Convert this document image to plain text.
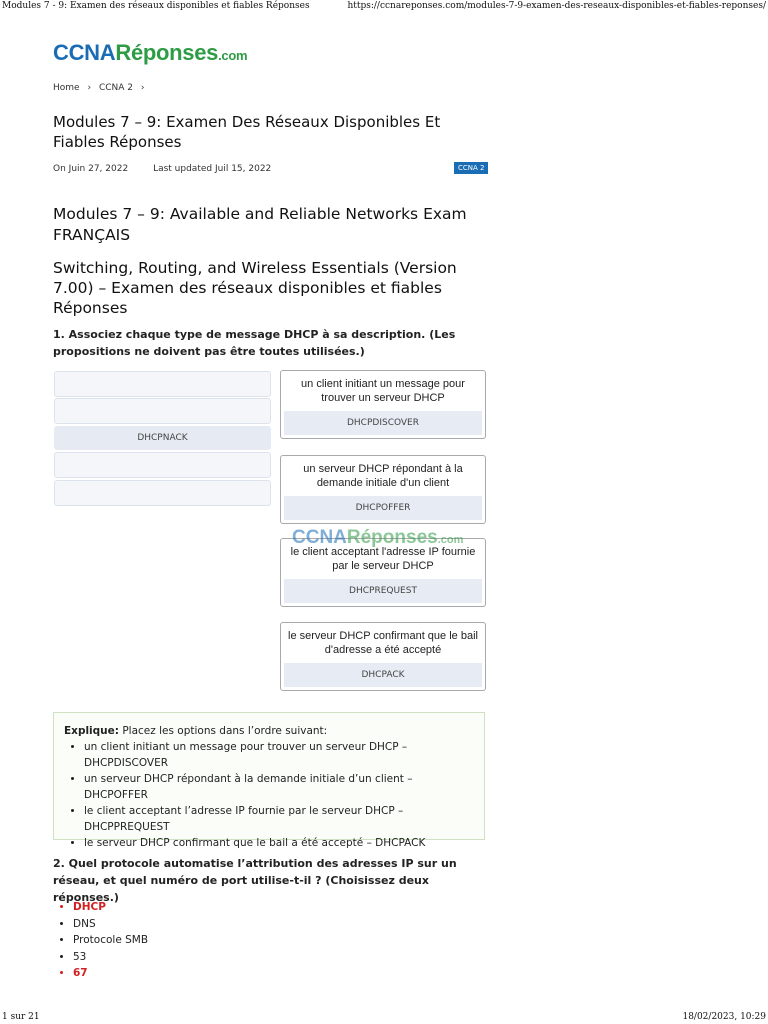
Modules 7 - 9: Examen des réseaux disponibles et fiables Réponses	https://ccnareponses.com/modules-7-9-examen-des-reseaux-disponibles-et-fiables-reponses/
CCNARéponses.com
Home › CCNA 2 ›
Modules 7 – 9: Examen Des Réseaux Disponibles Et Fiables Réponses
On Juin 27, 2022	Last updated Juil 15, 2022	CCNA 2
Modules 7 – 9: Available and Reliable Networks Exam FRANÇAIS
Switching, Routing, and Wireless Essentials (Version 7.00) – Examen des réseaux disponibles et fiables Réponses
1. Associez chaque type de message DHCP à sa description. (Les propositions ne doivent pas être toutes utilisées.)
DHCPNACK
un client initiant un message pour trouver un serveur DHCP
DHCPDISCOVER
un serveur DHCP répondant à la demande initiale d'un client
DHCPOFFER
le client acceptant l'adresse IP fournie par le serveur DHCP
DHCPREQUEST
le serveur DHCP confirmant que le bail d'adresse a été accepté
DHCPACK
CCNARéponses.com
Explique: Placez les options dans l’ordre suivant:
• un client initiant un message pour trouver un serveur DHCP – DHCPDISCOVER
• un serveur DHCP répondant à la demande initiale d’un client – DHCPOFFER
• le client acceptant l’adresse IP fournie par le serveur DHCP – DHCPPREQUEST
• le serveur DHCP confirmant que le bail a été accepté – DHCPACK
2. Quel protocole automatise l’attribution des adresses IP sur un réseau, et quel numéro de port utilise-t-il ? (Choisissez deux réponses.)
• DHCP
• DNS
• Protocole SMB
• 53
• 67
1 sur 21	18/02/2023, 10:29
